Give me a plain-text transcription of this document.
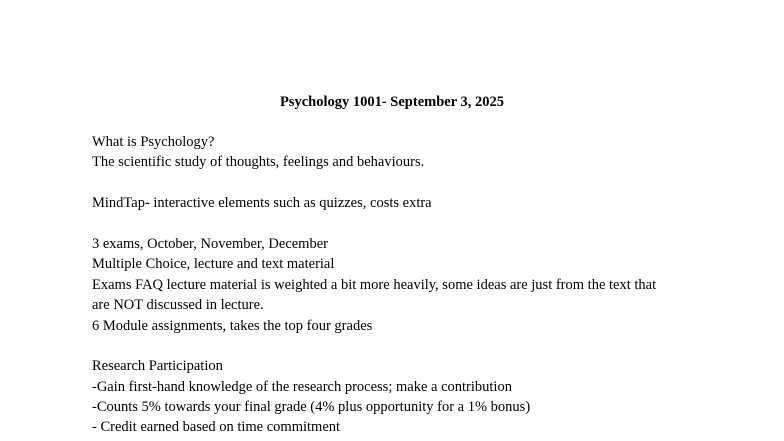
Psychology 1001- September 3, 2025
What is Psychology?
The scientific study of thoughts, feelings and behaviours.
MindTap- interactive elements such as quizzes, costs extra
3 exams, October, November, December
Multiple Choice, lecture and text material
Exams FAQ lecture material is weighted a bit more heavily, some ideas are just from the text that
are NOT discussed in lecture.
6 Module assignments, takes the top four grades
Research Participation
-Gain first-hand knowledge of the research process; make a contribution
-Counts 5% towards your final grade (4% plus opportunity for a 1% bonus)
- Credit earned based on time commitment
